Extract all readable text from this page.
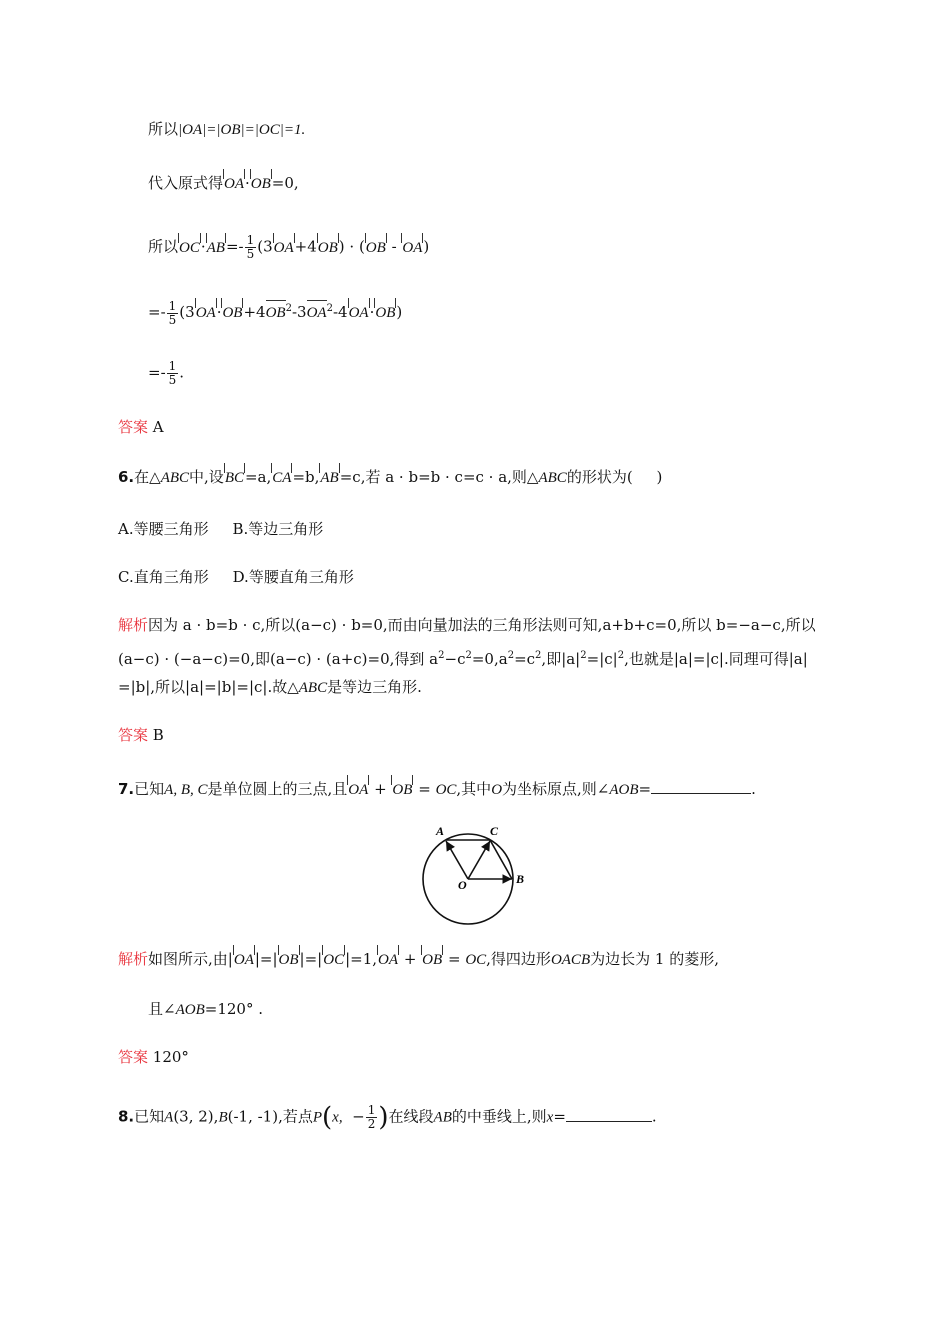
所以|OA|=|OB|=|OC|=1.
代入原式得OA·OB=0,
所以$OC\cdot AB=- \frac{1}{5} (3OA+4OB) \cdot (OB - OA)$
=- $\frac{1}{5} (3OA\cdot OB+4OB^2-3OA^2-4OA\cdot OB)$
=- $\frac{1}{5}$ .
答案 A
6.在△ABC中,设BC=a,CA=b,AB=c,若 a · b=b · c=c · a,则△ABC的形状为( )
A.等腰三角形 B.等边三角形
C.直角三角形 D.等腰直角三角形
解析因为 a · b=b · c,所以(a−c) · b=0,而由向量加法的三角形法则可知,a+b+c=0,所以 b=−a−c,所以
(a−c) · (−a−c)=0,即(a−c) · (a+c)=0,得到 $a^2-c^2=0,a^2=c^2$,即$|a|^2=|c|^2$,也就是|a|=|c|.同理可得|a|
=|b|,所以|a|=|b|=|c|.故△ABC是等边三角形.
答案 B
7.已知A, B, C是单位圆上的三点,且OA + OB = OC,其中O为坐标原点,则∠AOB=	.
A	C
O	B
解析如图所示,由|OA|=|OB|=|OC|=1,OA + OB = OC,得四边形OACB为边长为 1 的菱形,
且∠AOB=120° .
答案 120°
8.已知A(3, 2),B(-1, -1),若点P(x, − $\frac{1}{2}$ )在线段AB的中垂线上,则x=	.
